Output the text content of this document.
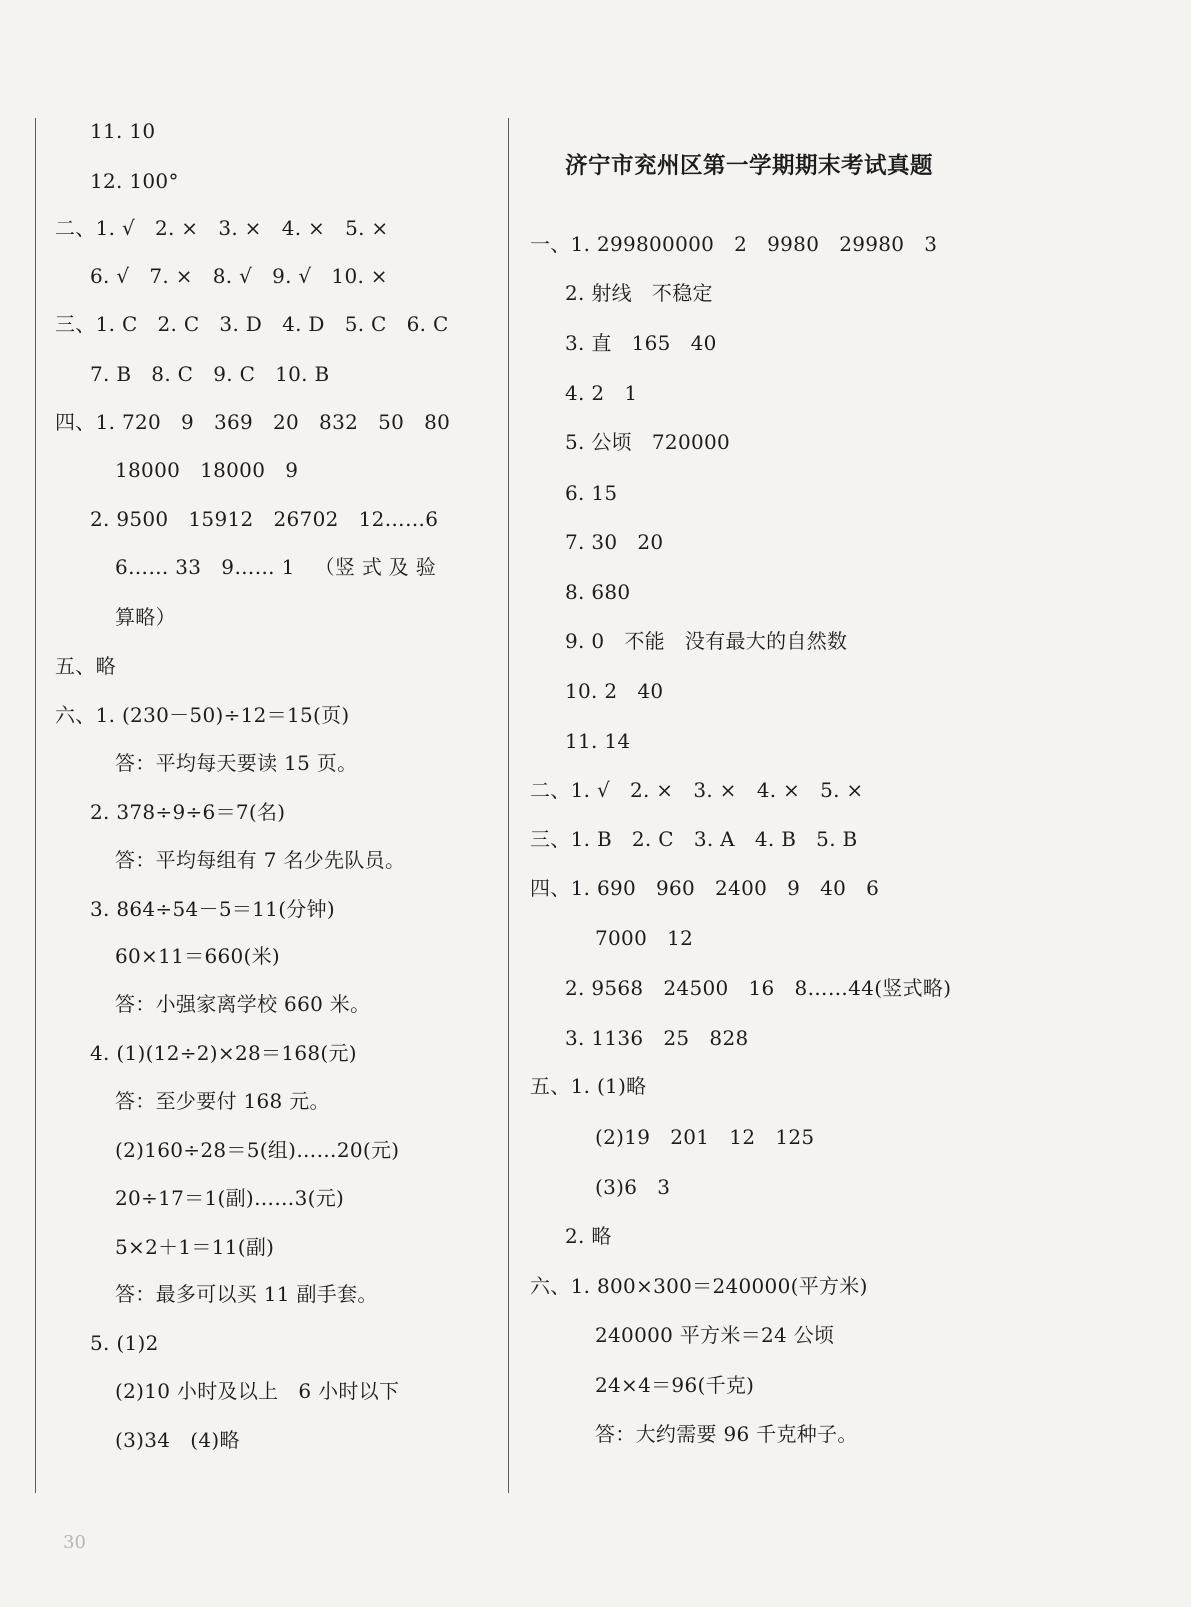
11. 10
12. 100°
二、1. √   2. ×   3. ×   4. ×   5. ×
6. √   7. ×   8. √   9. √   10. ×
三、1. C   2. C   3. D   4. D   5. C   6. C
7. B   8. C   9. C   10. B
四、1. 720   9   369   20   832   50   80
18000   18000   9
2. 9500   15912   26702   12……6
6…… 33   9…… 1   （竖 式 及 验
算略）
五、略
六、1. (230－50)÷12＝15(页)
答：平均每天要读 15 页。
2. 378÷9÷6＝7(名)
答：平均每组有 7 名少先队员。
3. 864÷54－5＝11(分钟)
60×11＝660(米)
答：小强家离学校 660 米。
4. (1)(12÷2)×28＝168(元)
答：至少要付 168 元。
(2)160÷28＝5(组)……20(元)
20÷17＝1(副)……3(元)
5×2＋1＝11(副)
答：最多可以买 11 副手套。
5. (1)2
(2)10 小时及以上   6 小时以下
(3)34   (4)略
济宁市兖州区第一学期期末考试真题
一、1. 299800000   2   9980   29980   3
2. 射线   不稳定
3. 直   165   40
4. 2   1
5. 公顷   720000
6. 15
7. 30   20
8. 680
9. 0   不能   没有最大的自然数
10. 2   40
11. 14
二、1. √   2. ×   3. ×   4. ×   5. ×
三、1. B   2. C   3. A   4. B   5. B
四、1. 690   960   2400   9   40   6
7000   12
2. 9568   24500   16   8……44(竖式略)
3. 1136   25   828
五、1. (1)略
(2)19   201   12   125
(3)6   3
2. 略
六、1. 800×300＝240000(平方米)
240000 平方米＝24 公顷
24×4＝96(千克)
答：大约需要 96 千克种子。
30
